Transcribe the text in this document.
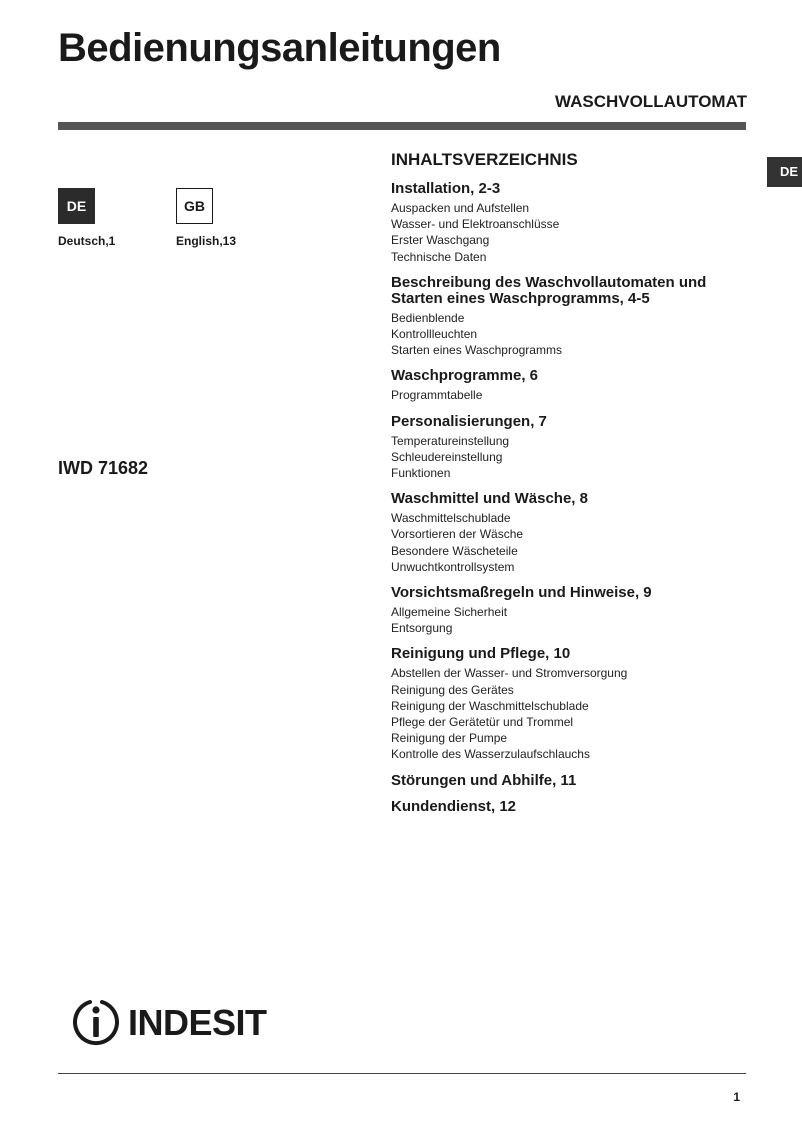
Bedienungsanleitungen
WASCHVOLLAUTOMAT
DE
DE	GB
Deutsch,1	English,13
IWD 71682
INHALTSVERZEICHNIS
Installation, 2-3
Auspacken und Aufstellen
Wasser- und Elektroanschlüsse
Erster Waschgang
Technische Daten
Beschreibung des Waschvollautomaten und Starten eines Waschprogramms, 4-5
Bedienblende
Kontrollleuchten
Starten eines Waschprogramms
Waschprogramme, 6
Programmtabelle
Personalisierungen, 7
Temperatureinstellung
Schleudereinstellung
Funktionen
Waschmittel und Wäsche, 8
Waschmittelschublade
Vorsortieren der Wäsche
Besondere Wäscheteile
Unwuchtkontrollsystem
Vorsichtsmaßregeln und Hinweise, 9
Allgemeine Sicherheit
Entsorgung
Reinigung und Pflege, 10
Abstellen der Wasser- und Stromversorgung
Reinigung des Gerätes
Reinigung der Waschmittelschublade
Pflege der Gerätetür und Trommel
Reinigung der Pumpe
Kontrolle des Wasserzulaufschlauchs
Störungen und Abhilfe, 11
Kundendienst, 12
INDESIT
1
